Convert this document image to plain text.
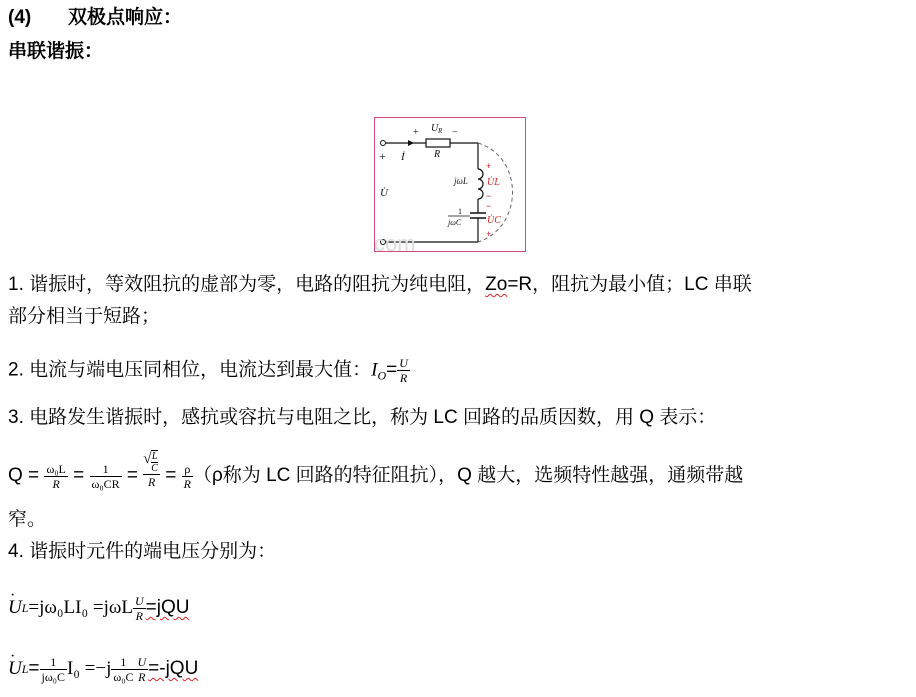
(4) 双极点响应：
串联谐振：
+	−
U R
R
+ İ
U̇
jωL
1
jωC
+
U̇L
−
−
U̇C
+
com
1. 谐振时，等效阻抗的虚部为零，电路的阻抗为纯电阻，Zo=R，阻抗为最小值；LC 串联
部分相当于短路；
2. 电流与端电压同相位，电流达到最大值：$I_O= \frac{U}{R}$
3. 电路发生谐振时，感抗或容抗与电阻之比，称为 LC 回路的品质因数，用 Q 表示：
Q =
$\frac{\text{ω₀L}}{R}$
=
$\frac{1}{\text{ω₀CR}}$
=
$\frac{√ \frac{L}{C}}{R}$
=
$\frac{\rho}{R} (\rho$称为 LC 回路的特征阻抗），Q 越大，选频特性越强，通频带越
窄。
4. 谐振时元件的端电压分别为：
· U $L =j\omega_0LI_0 =j\omega L \frac{U}{R} =jQU$
· U $L = \frac{1}{\text{jω₀C}} I_0 =-j \frac{1}{\text{ω₀C}} \frac{U}{R} =-jQU$
